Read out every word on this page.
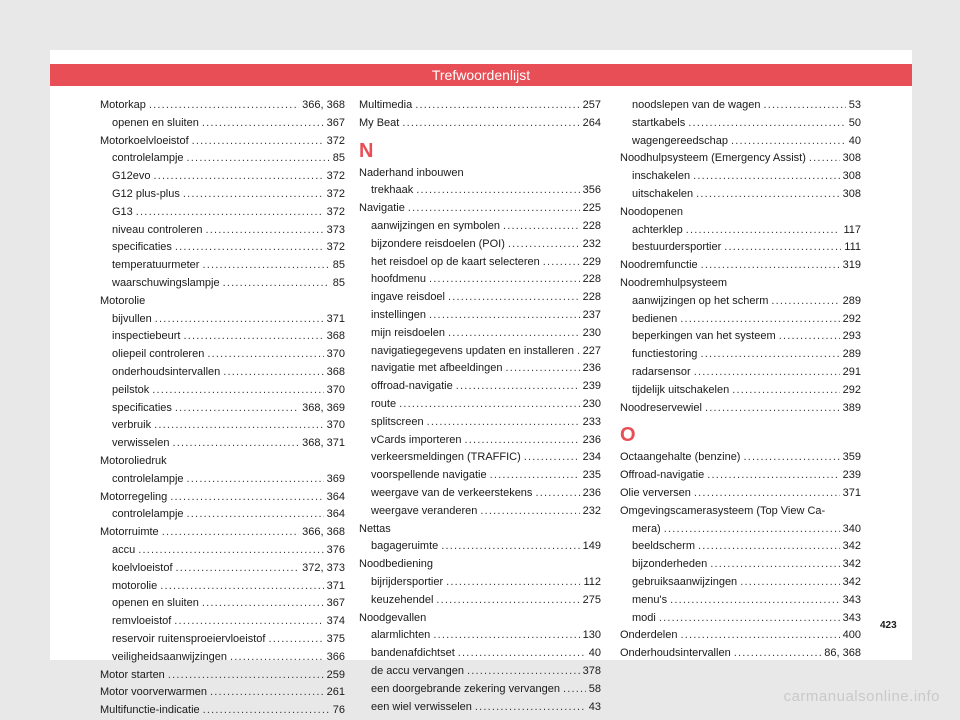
Trefwoordenlijst
Motorkap .....	366, 368
openen en sluiten .....	367
Motorkoelvloeistof .....	372
controlelampje .....	85
G12evo .....	372
G12 plus-plus .....	372
G13 .....	372
niveau controleren .....	373
specificaties .....	372
temperatuurmeter .....	85
waarschuwingslampje .....	85
Motorolie
bijvullen .....	371
inspectiebeurt .....	368
oliepeil controleren .....	370
onderhoudsintervallen .....	368
peilstok .....	370
specificaties .....	368, 369
verbruik .....	370
verwisselen .....	368, 371
Motoroliedruk
controlelampje .....	369
Motorregeling .....	364
controlelampje .....	364
Motorruimte .....	366, 368
accu .....	376
koelvloeistof .....	372, 373
motorolie .....	371
openen en sluiten .....	367
remvloeistof .....	374
reservoir ruitensproeiervloeistof .....	375
veiligheidsaanwijzingen .....	366
Motor starten .....	259
Motor voorverwarmen .....	261
Multifunctie-indicatie .....	76
Multimedia .....	257
My Beat .....	264
N
Naderhand inbouwen
trekhaak .....	356
Navigatie .....	225
aanwijzingen en symbolen .....	228
bijzondere reisdoelen (POI) .....	232
het reisdoel op de kaart selecteren .....	229
hoofdmenu .....	228
ingave reisdoel .....	228
instellingen .....	237
mijn reisdoelen .....	230
navigatiegegevens updaten en installeren ..... 227
navigatie met afbeeldingen .....	236
offroad-navigatie .....	239
route .....	230
splitscreen .....	233
vCards importeren .....	236
verkeersmeldingen (TRAFFIC) .....	234
voorspellende navigatie .....	235
weergave van de verkeerstekens .....	236
weergave veranderen .....	232
Nettas
bagageruimte .....	149
Noodbediening
bijrijdersportier .....	112
keuzehendel .....	275
Noodgevallen
alarmlichten .....	130
bandenafdichtset .....	40
de accu vervangen .....	378
een doorgebrande zekering vervangen .....	58
een wiel verwisselen .....	43
noodslepen van de wagen .....	53
startkabels .....	50
wagengereedschap .....	40
Noodhulpsysteem (Emergency Assist) .....	308
inschakelen .....	308
uitschakelen .....	308
Noodopenen
achterklep .....	117
bestuurdersportier .....	111
Noodremfunctie .....	319
Noodremhulpsysteem
aanwijzingen op het scherm .....	289
bedienen .....	292
beperkingen van het systeem .....	293
functiestoring .....	289
radarsensor .....	291
tijdelijk uitschakelen .....	292
Noodreservewiel .....	389
O
Octaangehalte (benzine) .....	359
Offroad-navigatie .....	239
Olie verversen .....	371
Omgevingscamerasysteem (Top View Ca-
mera) .....	340
beeldscherm .....	342
bijzonderheden .....	342
gebruiksaanwijzingen .....	342
menu's .....	343
modi .....	343
Onderdelen .....	400
Onderhoudsintervallen .....	86, 368
423
carmanualsonline.info
